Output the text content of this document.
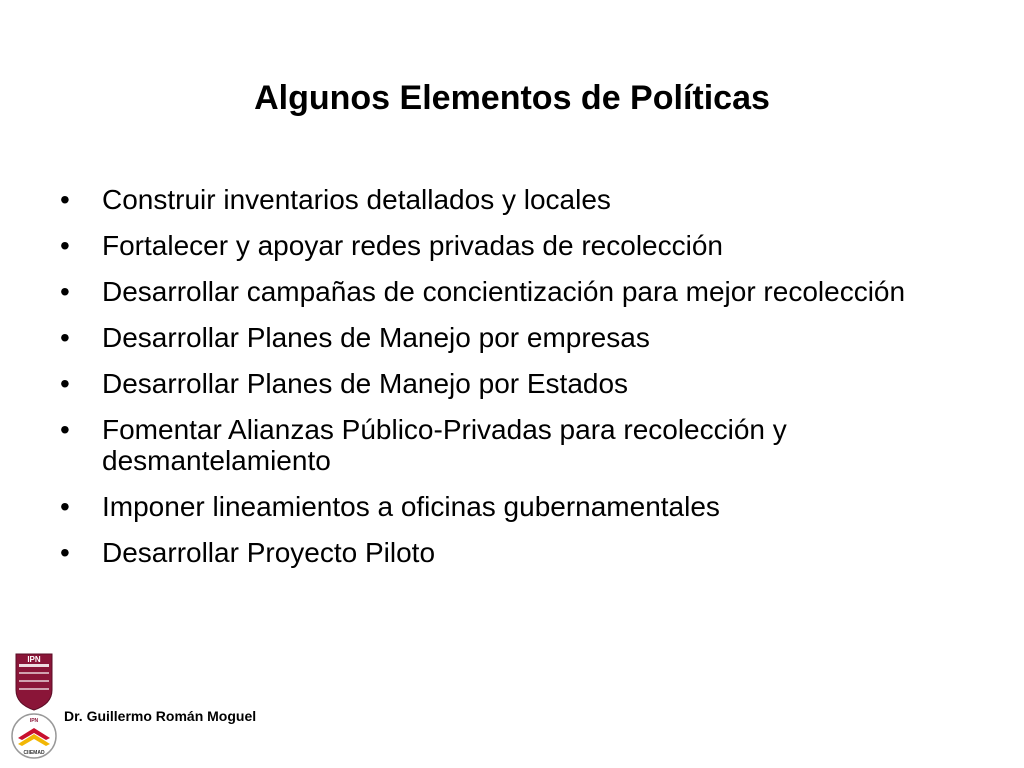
Algunos Elementos de Políticas
• Construir inventarios detallados y locales
• Fortalecer y apoyar redes privadas de recolección
• Desarrollar campañas de concientización para mejor recolección
• Desarrollar Planes de Manejo por empresas
• Desarrollar Planes de Manejo por Estados
• Fomentar Alianzas Público-Privadas para recolección y desmantelamiento
• Imponer lineamientos a oficinas gubernamentales
• Desarrollar Proyecto Piloto
IPN
IPN
CIIEMAD
Dr. Guillermo Román Moguel
